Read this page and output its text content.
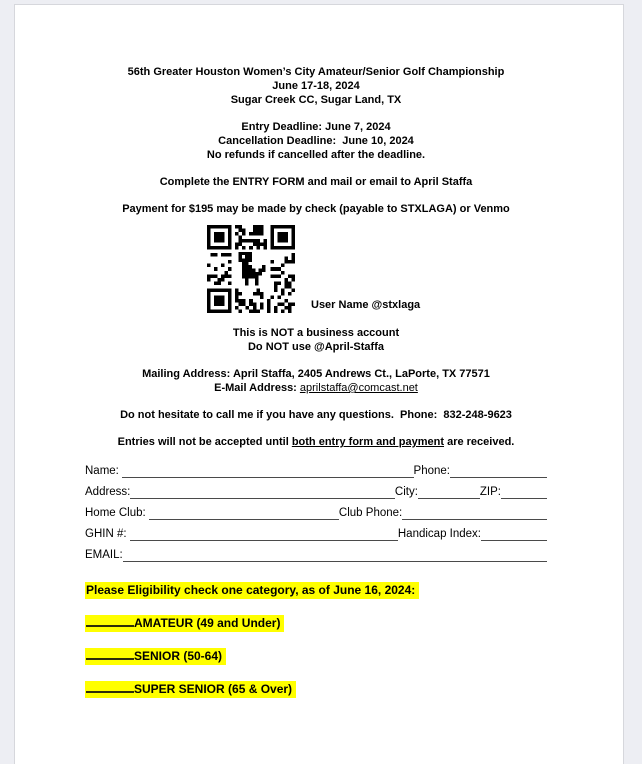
56th Greater Houston Women’s City Amateur/Senior Golf Championship

June 17-18, 2024

Sugar Creek CC, Sugar Land, TX

Entry Deadline: June 7, 2024

Cancellation Deadline:  June 10, 2024

No refunds if cancelled after the deadline.

Complete the ENTRY FORM and mail or email to April Staffa

Payment for $195 may be made by check (payable to STXLAGA) or Venmo

User Name @stxlaga

This is NOT a business account

Do NOT use @April-Staffa

Mailing Address: April Staffa, 2405 Andrews Ct., LaPorte, TX 77571

E-Mail Address: aprilstaffa@comcast.net

Do not hesitate to call me if you have any questions.  Phone:  832-248-9623

Entries will not be accepted until both entry form and payment are received.

Name:	Phone:
Address:	City:	ZIP:
Home Club:	Club Phone:
GHIN #:	Handicap Index:
EMAIL:
Please Eligibility check one category, as of June 16, 2024:
AMATEUR (49 and Under)
SENIOR (50-64)
SUPER SENIOR (65 & Over)
